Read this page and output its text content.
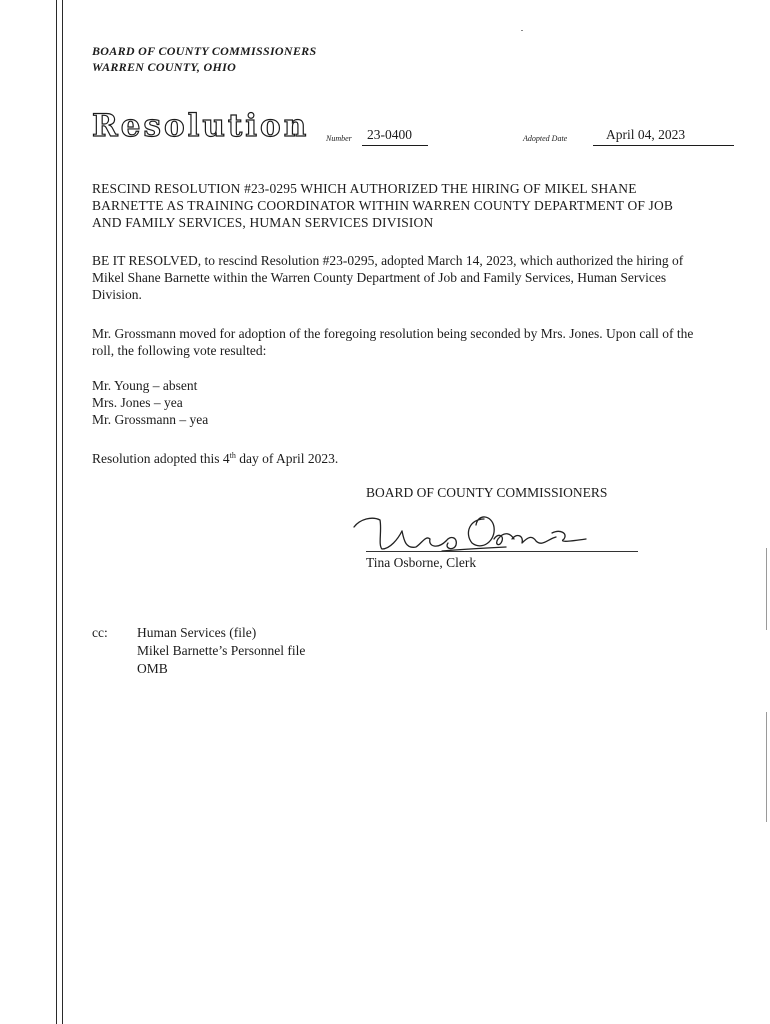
BOARD OF COUNTY COMMISSIONERS
WARREN COUNTY, OHIO
Resolution Number 23-0400	Adopted Date	April 04, 2023
RESCIND RESOLUTION #23-0295 WHICH AUTHORIZED THE HIRING OF MIKEL SHANE BARNETTE AS TRAINING COORDINATOR WITHIN WARREN COUNTY DEPARTMENT OF JOB AND FAMILY SERVICES, HUMAN SERVICES DIVISION
BE IT RESOLVED, to rescind Resolution #23-0295, adopted March 14, 2023, which authorized the hiring of Mikel Shane Barnette within the Warren County Department of Job and Family Services, Human Services Division.
Mr. Grossmann moved for adoption of the foregoing resolution being seconded by Mrs. Jones. Upon call of the roll, the following vote resulted:
Mr. Young – absent
Mrs. Jones – yea
Mr. Grossmann – yea
Resolution adopted this 4th day of April 2023.
BOARD OF COUNTY COMMISSIONERS
Tina Osborne, Clerk
cc: Human Services (file)
Mikel Barnette’s Personnel file
OMB
